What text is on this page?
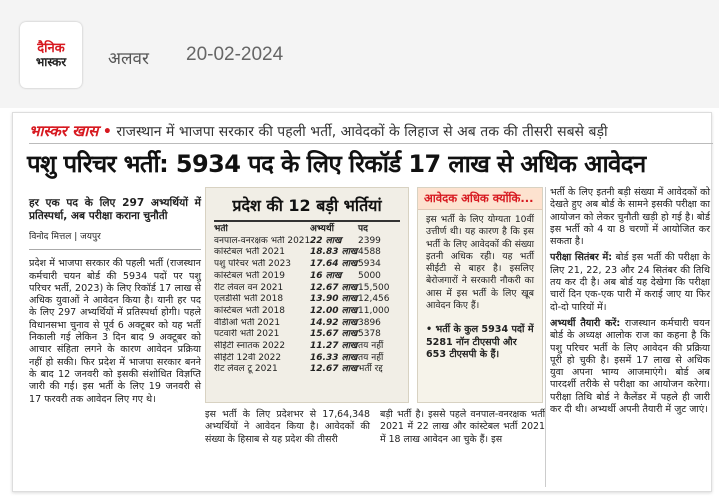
दैनिक
भास्कर अलवर 20-02-2024
भास्कर खास • राजस्थान में भाजपा सरकार की पहली भर्ती, आवेदकों के लिहाज से अब तक की तीसरी सबसे बड़ी
पशु परिचर भर्ती: 5934 पद के लिए रिकॉर्ड 17 लाख से अधिक आवेदन
हर एक पद के लिए 297 अभ्यर्थियों में प्रतिस्पर्धा, अब परीक्षा कराना चुनौती
विनोद मित्तल | जयपुर
प्रदेश में भाजपा सरकार की पहली भर्ती (राजस्थान कर्मचारी चयन बोर्ड की 5934 पदों पर पशु परिचर भर्ती, 2023) के लिए रिकॉर्ड 17 लाख से अधिक युवाओं ने आवेदन किया है। यानी हर पद के लिए 297 अभ्यर्थियों में प्रतिस्पर्धा होगी। पहले विधानसभा चुनाव से पूर्व 6 अक्टूबर को यह भर्ती निकाली गई लेकिन 3 दिन बाद 9 अक्टूबर को आचार संहिता लगने के कारण आवेदन प्रक्रिया नहीं हो सकी। फिर प्रदेश में भाजपा सरकार बनने के बाद 12 जनवरी को इसकी संशोधित विज्ञप्ति जारी की गई। इस भर्ती के लिए 19 जनवरी से 17 फरवरी तक आवेदन लिए गए थे।
प्रदेश की 12 बड़ी भर्तियां
भर्ती	अभ्यर्थी	पद
वनपाल-वनरक्षक भर्ती 2021 22 लाख	2399
कांस्टेबल भर्ती 2021	18.83 लाख 4588
पशु परिचर भर्ती 2023	17.64 लाख 5934
कांस्टेबल भर्ती 2019	16 लाख	5000
रीट लेवल वन 2021	12.67 लाख 15,500
एलडीसी भर्ती 2018	13.90 लाख 12,456
कांस्टेबल भर्ती 2018	12.00 लाख 11,000
वीडीओ भर्ती 2021	14.92 लाख 3896
पटवारी भर्ती 2021	15.67 लाख 5378
सीईटी स्नातक 2022	11.27 लाख तय नहीं
सीईटी 12वीं 2022	16.33 लाख तय नहीं
रीट लेवल टू 2021	12.67 लाख भर्ती रद्द
आवेदक अधिक क्योंकि...
इस भर्ती के लिए योग्यता 10वीं उत्तीर्ण थी। यह कारण है कि इस भर्ती के लिए आवेदकों की संख्या इतनी अधिक रही। यह भर्ती सीईटी से बाहर है। इसलिए बेरोजगारों ने सरकारी नौकरी का आस में इस भर्ती के लिए खूब आवेदन किए हैं।
• भर्ती के कुल 5934 पदों में 5281 नॉन टीएसपी और 653 टीएसपी के हैं।
इस भर्ती के लिए प्रदेशभर से 17,64,348 अभ्यर्थियों ने आवेदन किया है। आवेदकों की संख्या के हिसाब से यह प्रदेश की तीसरी
बड़ी भर्ती है। इससे पहले वनपाल-वनरक्षक भर्ती 2021 में 22 लाख और कांस्टेबल भर्ती 2021 में 18 लाख आवेदन आ चुके हैं। इस

भर्ती के लिए इतनी बड़ी संख्या में आवेदकों को देखते हुए अब बोर्ड के सामने इसकी परीक्षा का आयोजन को लेकर चुनौती खड़ी हो गई है। बोर्ड इस भर्ती को 4 या 8 चरणों में आयोजित कर सकता है।

परीक्षा सितंबर में: बोर्ड इस भर्ती की परीक्षा के लिए 21, 22, 23 और 24 सितंबर की तिथि तय कर दी है। अब बोर्ड यह देखेगा कि परीक्षा चारों दिन एक-एक पारी में कराई जाए या फिर दो-दो पारियों में।

अभ्यर्थी तैयारी करें: राजस्थान कर्मचारी चयन बोर्ड के अध्यक्ष आलोक राज का कहना है कि पशु परिचर भर्ती के लिए आवेदन की प्रक्रिया पूरी हो चुकी है। इसमें 17 लाख से अधिक युवा अपना भाग्य आजमाएंगे। बोर्ड अब पारदर्शी तरीके से परीक्षा का आयोजन करेगा। परीक्षा तिथि बोर्ड ने कैलेंडर में पहले ही जारी कर दी थी। अभ्यर्थी अपनी तैयारी में जुट जाएं।
